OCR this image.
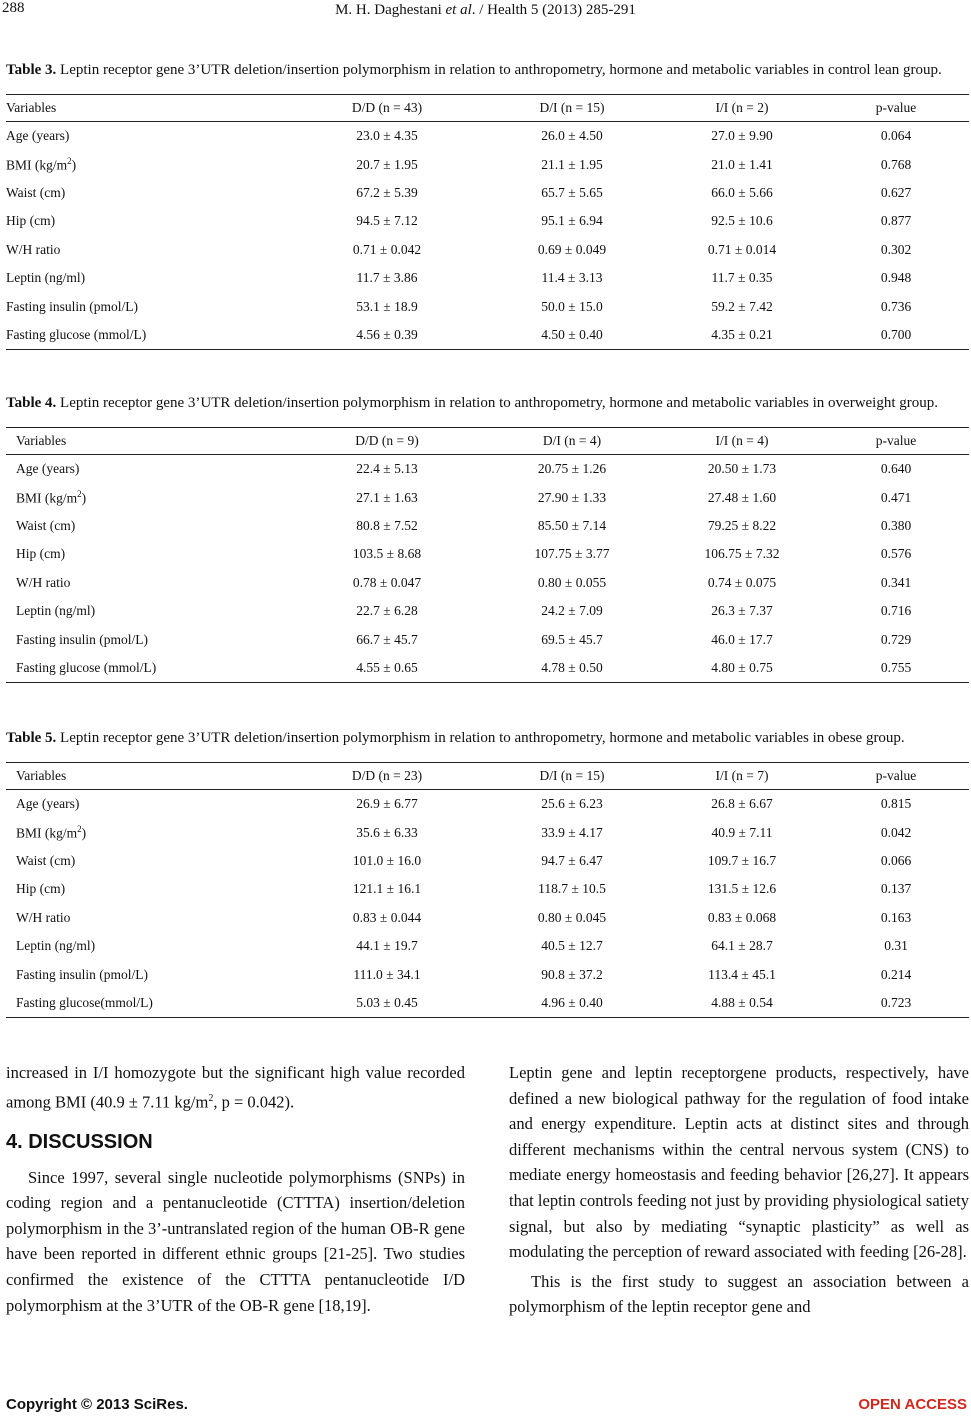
288	M. H. Daghestani et al. / Health 5 (2013) 285-291

Table 3. Leptin receptor gene 3’UTR deletion/insertion polymorphism in relation to anthropometry, hormone and metabolic variables in control lean group.

Variables	D/D (n = 43)	D/I (n = 15)	I/I (n = 2)	p-value
Age (years)	23.0 ± 4.35	26.0 ± 4.50	27.0 ± 9.90	0.064
BMI $(kg/m^2)$	20.7 ± 1.95	21.1 ± 1.95	21.0 ± 1.41	0.768
Waist (cm)	67.2 ± 5.39	65.7 ± 5.65	66.0 ± 5.66	0.627
Hip (cm)	94.5 ± 7.12	95.1 ± 6.94	92.5 ± 10.6	0.877
W/H ratio	0.71 ± 0.042	0.69 ± 0.049	0.71 ± 0.014	0.302
Leptin (ng/ml)	11.7 ± 3.86	11.4 ± 3.13	11.7 ± 0.35	0.948
Fasting insulin (pmol/L)	53.1 ± 18.9	50.0 ± 15.0	59.2 ± 7.42	0.736
Fasting glucose (mmol/L)	4.56 ± 0.39	4.50 ± 0.40	4.35 ± 0.21	0.700

Table 4. Leptin receptor gene 3’UTR deletion/insertion polymorphism in relation to anthropometry, hormone and metabolic variables in overweight group.

Variables	D/D (n = 9)	D/I (n = 4)	I/I (n = 4)	p-value
Age (years)	22.4 ± 5.13	20.75 ± 1.26	20.50 ± 1.73	0.640
BMI $(kg/m^2)$	27.1 ± 1.63	27.90 ± 1.33	27.48 ± 1.60	0.471
Waist (cm)	80.8 ± 7.52	85.50 ± 7.14	79.25 ± 8.22	0.380
Hip (cm)	103.5 ± 8.68	107.75 ± 3.77	106.75 ± 7.32	0.576
W/H ratio	0.78 ± 0.047	0.80 ± 0.055	0.74 ± 0.075	0.341
Leptin (ng/ml)	22.7 ± 6.28	24.2 ± 7.09	26.3 ± 7.37	0.716
Fasting insulin (pmol/L)	66.7 ± 45.7	69.5 ± 45.7	46.0 ± 17.7	0.729
Fasting glucose (mmol/L)	4.55 ± 0.65	4.78 ± 0.50	4.80 ± 0.75	0.755

Table 5. Leptin receptor gene 3’UTR deletion/insertion polymorphism in relation to anthropometry, hormone and metabolic variables in obese group.

Variables	D/D (n = 23)	D/I (n = 15)	I/I (n = 7)	p-value
Age (years)	26.9 ± 6.77	25.6 ± 6.23	26.8 ± 6.67	0.815
BMI $(kg/m^2)$	35.6 ± 6.33	33.9 ± 4.17	40.9 ± 7.11	0.042
Waist (cm)	101.0 ± 16.0	94.7 ± 6.47	109.7 ± 16.7	0.066
Hip (cm)	121.1 ± 16.1	118.7 ± 10.5	131.5 ± 12.6	0.137
W/H ratio	0.83 ± 0.044	0.80 ± 0.045	0.83 ± 0.068	0.163
Leptin (ng/ml)	44.1 ± 19.7	40.5 ± 12.7	64.1 ± 28.7	0.31
Fasting insulin (pmol/L)	111.0 ± 34.1	90.8 ± 37.2	113.4 ± 45.1	0.214
Fasting glucose(mmol/L)	5.03 ± 0.45	4.96 ± 0.40	4.88 ± 0.54	0.723

increased in I/I homozygote but the significant high value recorded among BMI (40.9 ± 7.11 $kg/m^2$, p = 0.042).

4. DISCUSSION

Since 1997, several single nucleotide polymorphisms (SNPs) in coding region and a pentanucleotide (CTTTA) insertion/deletion polymorphism in the 3’-untranslated region of the human OB-R gene have been reported in different ethnic groups [21-25]. Two studies confirmed the existence of the CTTTA pentanucleotide I/D polymorphism at the 3’UTR of the OB-R gene [18,19].

Leptin gene and leptin receptorgene products, respectively, have defined a new biological pathway for the regulation of food intake and energy expenditure. Leptin acts at distinct sites and through different mechanisms within the central nervous system (CNS) to mediate energy homeostasis and feeding behavior [26,27]. It appears that leptin controls feeding not just by providing physiological satiety signal, but also by mediating “synaptic plasticity” as well as modulating the perception of reward associated with feeding [26-28].

This is the first study to suggest an association between a polymorphism of the leptin receptor gene and

Copyright © 2013 SciRes.	OPEN ACCESS
